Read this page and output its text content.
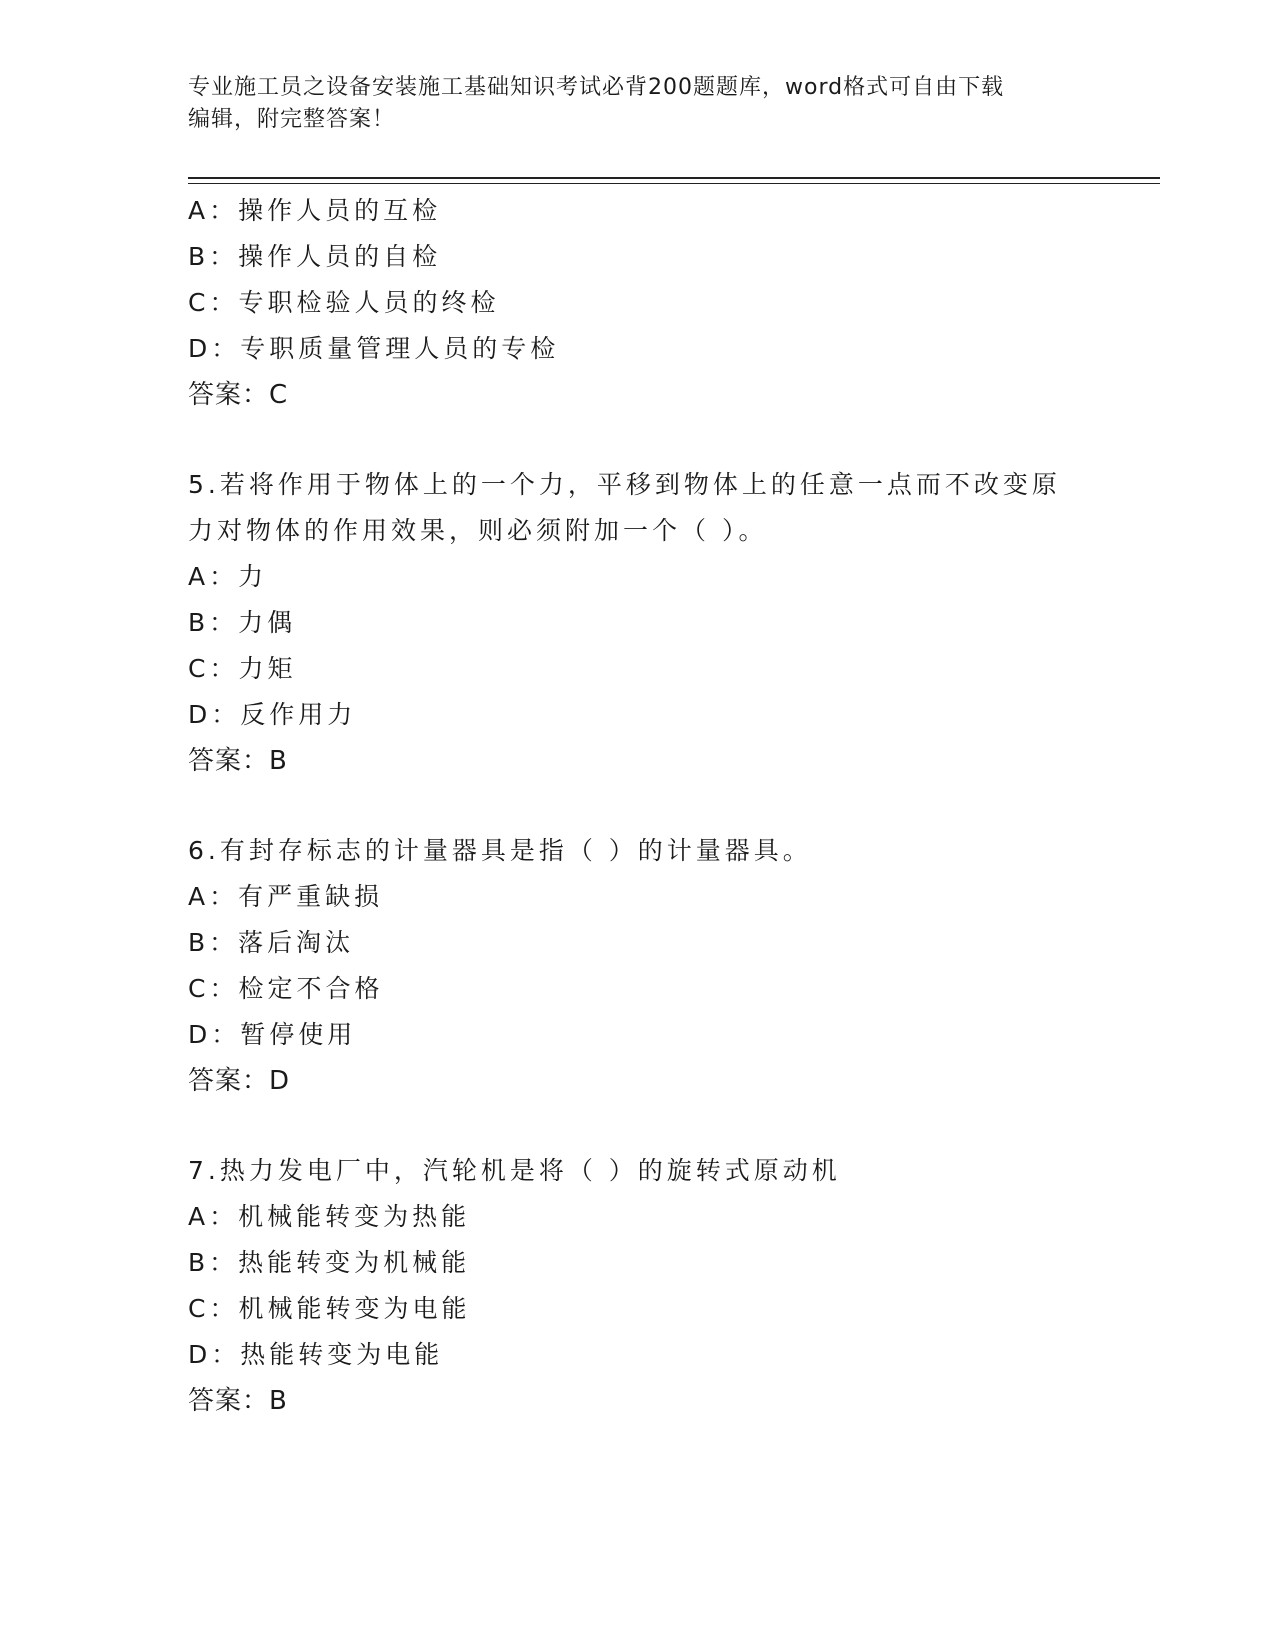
专业施工员之设备安装施工基础知识考试必背200题题库，word格式可自由下载
编辑，附完整答案！
A：操作人员的互检
B：操作人员的自检
C：专职检验人员的终检
D：专职质量管理人员的专检
答案：C
5.若将作用于物体上的一个力，平移到物体上的任意一点而不改变原
力对物体的作用效果，则必须附加一个（ ）。
A：力
B：力偶
C：力矩
D：反作用力
答案：B
6.有封存标志的计量器具是指（ ）的计量器具。
A：有严重缺损
B：落后淘汰
C：检定不合格
D：暂停使用
答案：D
7.热力发电厂中，汽轮机是将（ ）的旋转式原动机
A：机械能转变为热能
B：热能转变为机械能
C：机械能转变为电能
D：热能转变为电能
答案：B
